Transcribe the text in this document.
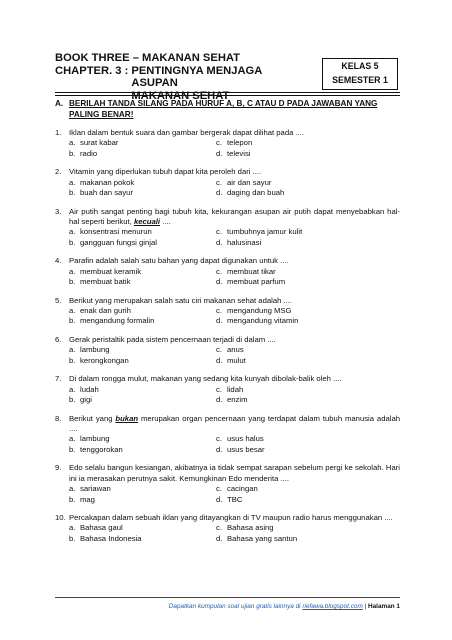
BOOK THREE – MAKANAN SEHAT
CHAPTER. 3 : PENTINGNYA MENJAGA ASUPAN
MAKANAN SEHAT
KELAS 5
SEMESTER 1
A. BERILAH TANDA SILANG PADA HURUF A, B, C ATAU D PADA JAWABAN YANG PALING BENAR!
1. Iklan dalam bentuk suara dan gambar bergerak dapat dilihat pada ....
a. surat kabar	c. telepon
b. radio	d. televisi
2. Vitamin yang diperlukan tubuh dapat kita peroleh dari ....
a. makanan pokok	c. air dan sayur
b. buah dan sayur	d. daging dan buah
3. Air putih sangat penting bagi tubuh kita, kekurangan asupan air putih dapat menyebabkan hal-hal seperti berikut, kecuali ....
a. konsentrasi menurun	c. tumbuhnya jamur kulit
b. gangguan fungsi ginjal	d. halusinasi
4. Parafin adalah salah satu bahan yang dapat digunakan untuk ....
a. membuat keramik	c. membuat tikar
b. membuat batik	d. membuat parfum
5. Berikut yang merupakan salah satu ciri makanan sehat adalah ....
a. enak dan gurih	c. mengandung MSG
b. mengandung formalin	d. mengandung vitamin
6. Gerak peristaltik pada sistem pencernaan terjadi di dalam ....
a. lambung	c. anus
b. kerongkongan	d. mulut
7. Di dalam rongga mulut, makanan yang sedang kita kunyah dibolak-balik oleh ....
a. ludah	c. lidah
b. gigi	d. enzim
8. Berikut yang bukan merupakan organ pencernaan yang terdapat dalam tubuh manusia adalah ....
a. lambung	c. usus halus
b. tenggorokan	d. usus besar
9. Edo selalu bangun kesiangan, akibatnya ia tidak sempat sarapan sebelum pergi ke sekolah. Hari ini ia merasakan perutnya sakit. Kemungkinan Edo menderita ....
a. sariawan	c. cacingan
b. mag	d. TBC
10. Percakapan dalam sebuah iklan yang ditayangkan di TV maupun radio harus menggunakan ....
a. Bahasa gaul	c. Bahasa asing
b. Bahasa Indonesia	d. Bahasa yang santun
Dapatkan kumpulan soal ujian gratis lainnya di riefawa.blogspot.com | Halaman 1
